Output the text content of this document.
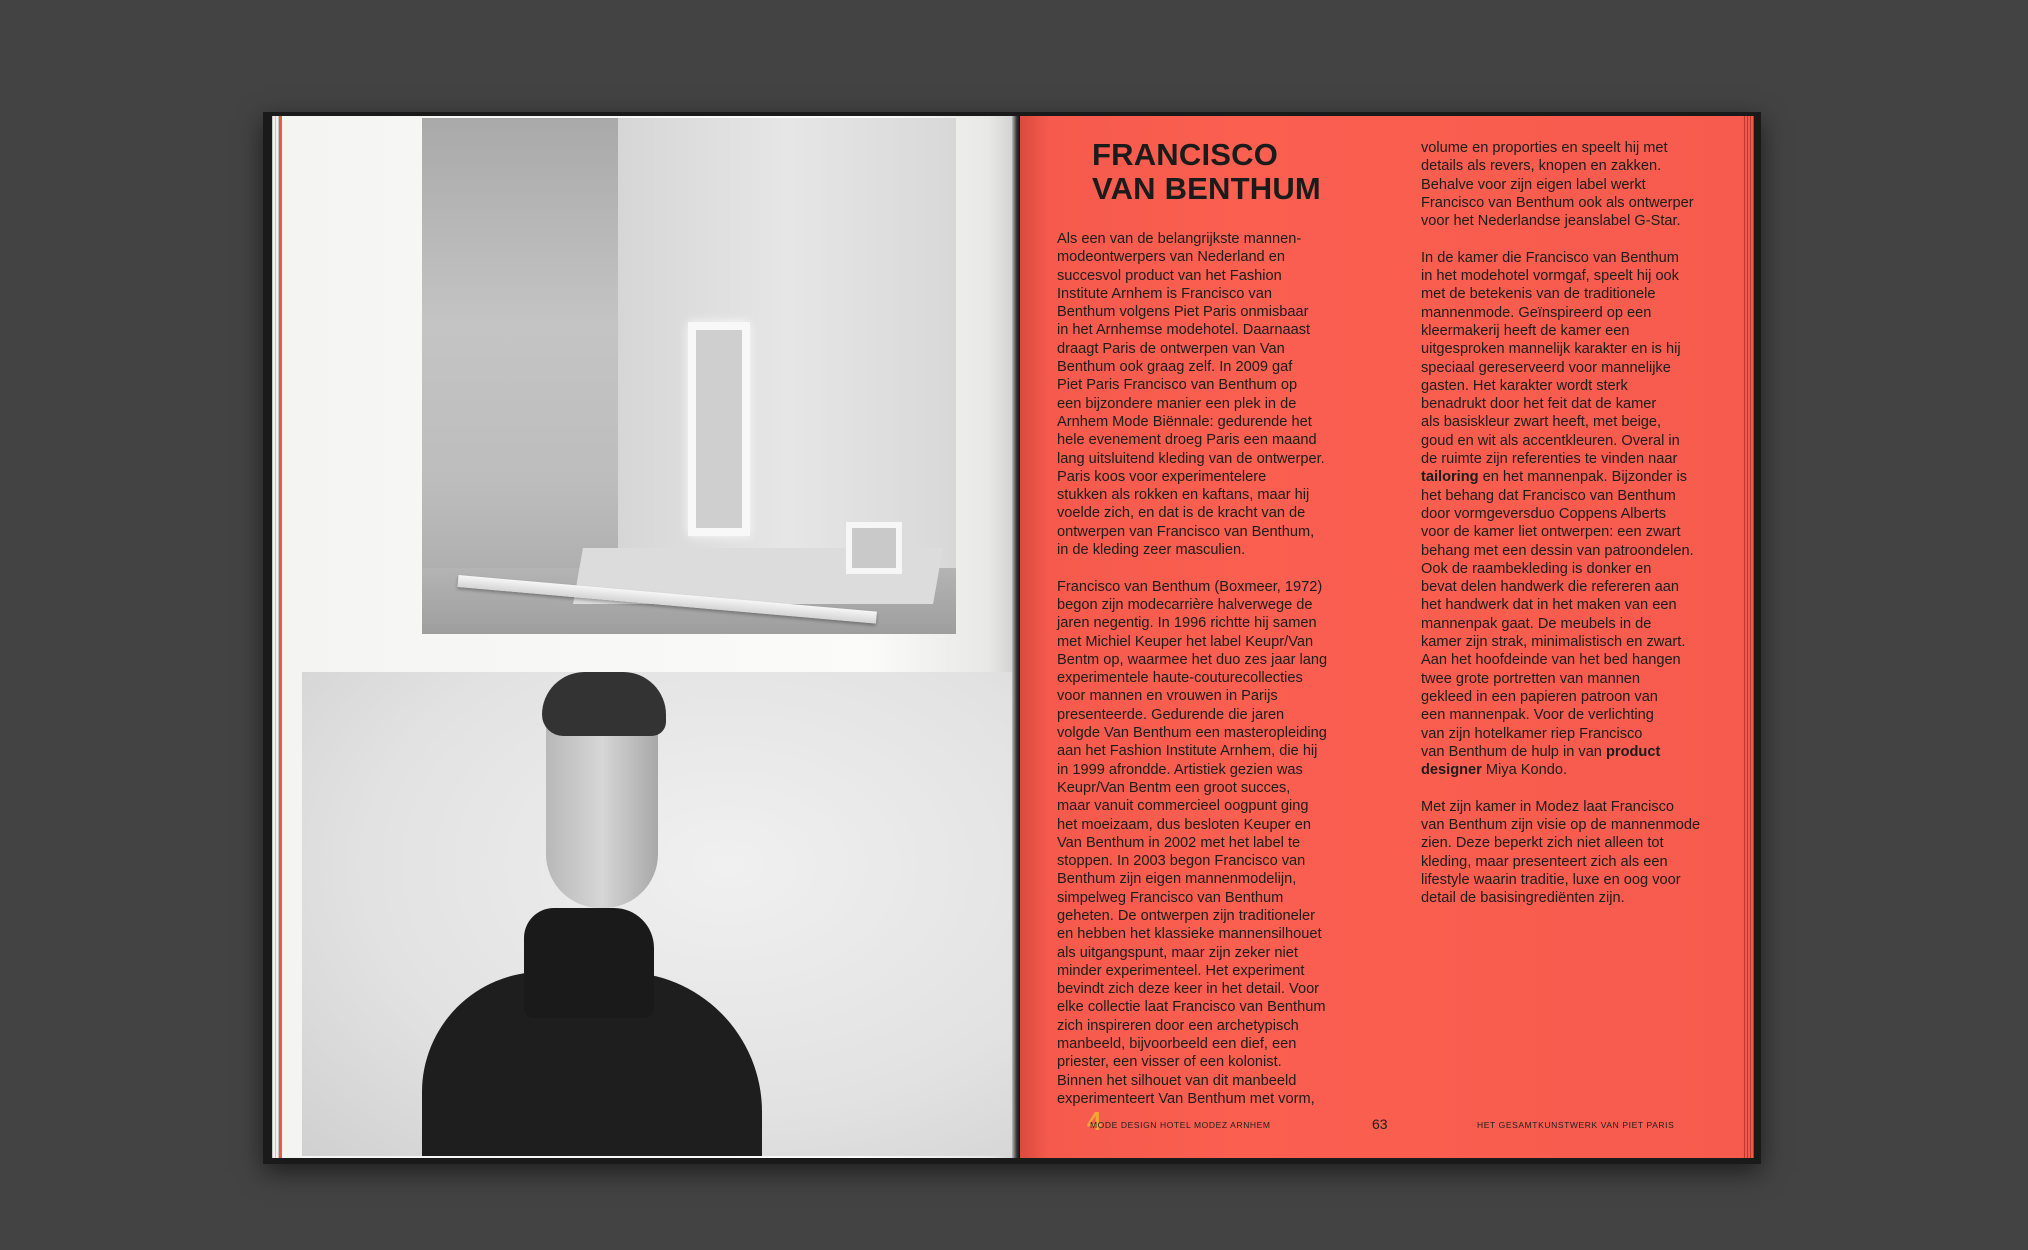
FRANCISCO
VAN BENTHUM
Als een van de belangrijkste mannen-
modeontwerpers van Nederland en
succesvol product van het Fashion
Institute Arnhem is Francisco van
Benthum volgens Piet Paris onmisbaar
in het Arnhemse modehotel. Daarnaast
draagt Paris de ontwerpen van Van
Benthum ook graag zelf. In 2009 gaf
Piet Paris Francisco van Benthum op
een bijzondere manier een plek in de
Arnhem Mode Biënnale: gedurende het
hele evenement droeg Paris een maand
lang uitsluitend kleding van de ontwerper.
Paris koos voor experimentelere
stukken als rokken en kaftans, maar hij
voelde zich, en dat is de kracht van de
ontwerpen van Francisco van Benthum,
in de kleding zeer masculien.
Francisco van Benthum (Boxmeer, 1972)
begon zijn modecarrière halverwege de
jaren negentig. In 1996 richtte hij samen
met Michiel Keuper het label Keupr/Van
Bentm op, waarmee het duo zes jaar lang
experimentele haute-couturecollecties
voor mannen en vrouwen in Parijs
presenteerde. Gedurende die jaren
volgde Van Benthum een masteropleiding
aan het Fashion Institute Arnhem, die hij
in 1999 afrondde. Artistiek gezien was
Keupr/Van Bentm een groot succes,
maar vanuit commercieel oogpunt ging
het moeizaam, dus besloten Keuper en
Van Benthum in 2002 met het label te
stoppen. In 2003 begon Francisco van
Benthum zijn eigen mannenmodelijn,
simpelweg Francisco van Benthum
geheten. De ontwerpen zijn traditioneler
en hebben het klassieke mannensilhouet
als uitgangspunt, maar zijn zeker niet
minder experimenteel. Het experiment
bevindt zich deze keer in het detail. Voor
elke collectie laat Francisco van Benthum
zich inspireren door een archetypisch
manbeeld, bijvoorbeeld een dief, een
priester, een visser of een kolonist.
Binnen het silhouet van dit manbeeld
experimenteert Van Benthum met vorm,
volume en proporties en speelt hij met
details als revers, knopen en zakken.
Behalve voor zijn eigen label werkt
Francisco van Benthum ook als ontwerper
voor het Nederlandse jeanslabel G-Star.
In de kamer die Francisco van Benthum
in het modehotel vormgaf, speelt hij ook
met de betekenis van de traditionele
mannenmode. Geïnspireerd op een
kleermakerij heeft de kamer een
uitgesproken mannelijk karakter en is hij
speciaal gereserveerd voor mannelijke
gasten. Het karakter wordt sterk
benadrukt door het feit dat de kamer
als basiskleur zwart heeft, met beige,
goud en wit als accentkleuren. Overal in
de ruimte zijn referenties te vinden naar
tailoring en het mannenpak. Bijzonder is
het behang dat Francisco van Benthum
door vormgeversduo Coppens Alberts
voor de kamer liet ontwerpen: een zwart
behang met een dessin van patroondelen.
Ook de raambekleding is donker en
bevat delen handwerk die refereren aan
het handwerk dat in het maken van een
mannenpak gaat. De meubels in de
kamer zijn strak, minimalistisch en zwart.
Aan het hoofdeinde van het bed hangen
twee grote portretten van mannen
gekleed in een papieren patroon van
een mannenpak. Voor de verlichting
van zijn hotelkamer riep Francisco
van Benthum de hulp in van product
designer Miya Kondo.
Met zijn kamer in Modez laat Francisco
van Benthum zijn visie op de mannenmode
zien. Deze beperkt zich niet alleen tot
kleding, maar presenteert zich als een
lifestyle waarin traditie, luxe en oog voor
detail de basisingrediënten zijn.
4
MODE DESIGN HOTEL MODEZ ARNHEM	63	HET GESAMTKUNSTWERK VAN PIET PARIS
